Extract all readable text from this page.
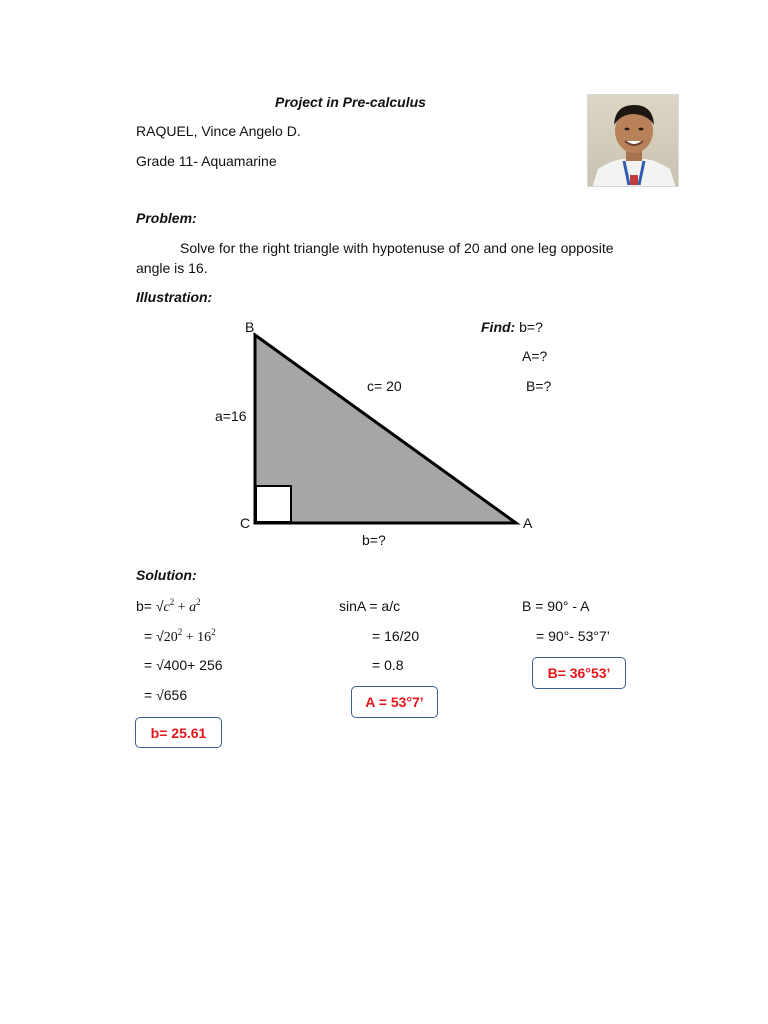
Project in Pre-calculus
RAQUEL, Vince Angelo D.
Grade 11- Aquamarine
Problem:
Solve for the right triangle with hypotenuse of 20 and one leg opposite
angle is 16.
Illustration:
B
C	A
c= 20
a=16
b=?
Find: b=?
A=?
B=?
Solution:
$b= √c^2 + a^2$
= $√20^2 + 16^2$
= √400+ 256
= √656
b= 25.61
sinA = a/c
= 16/20
= 0.8
A = 53°7’
B = 90° - A
= 90°- 53°7’
B= 36°53’
